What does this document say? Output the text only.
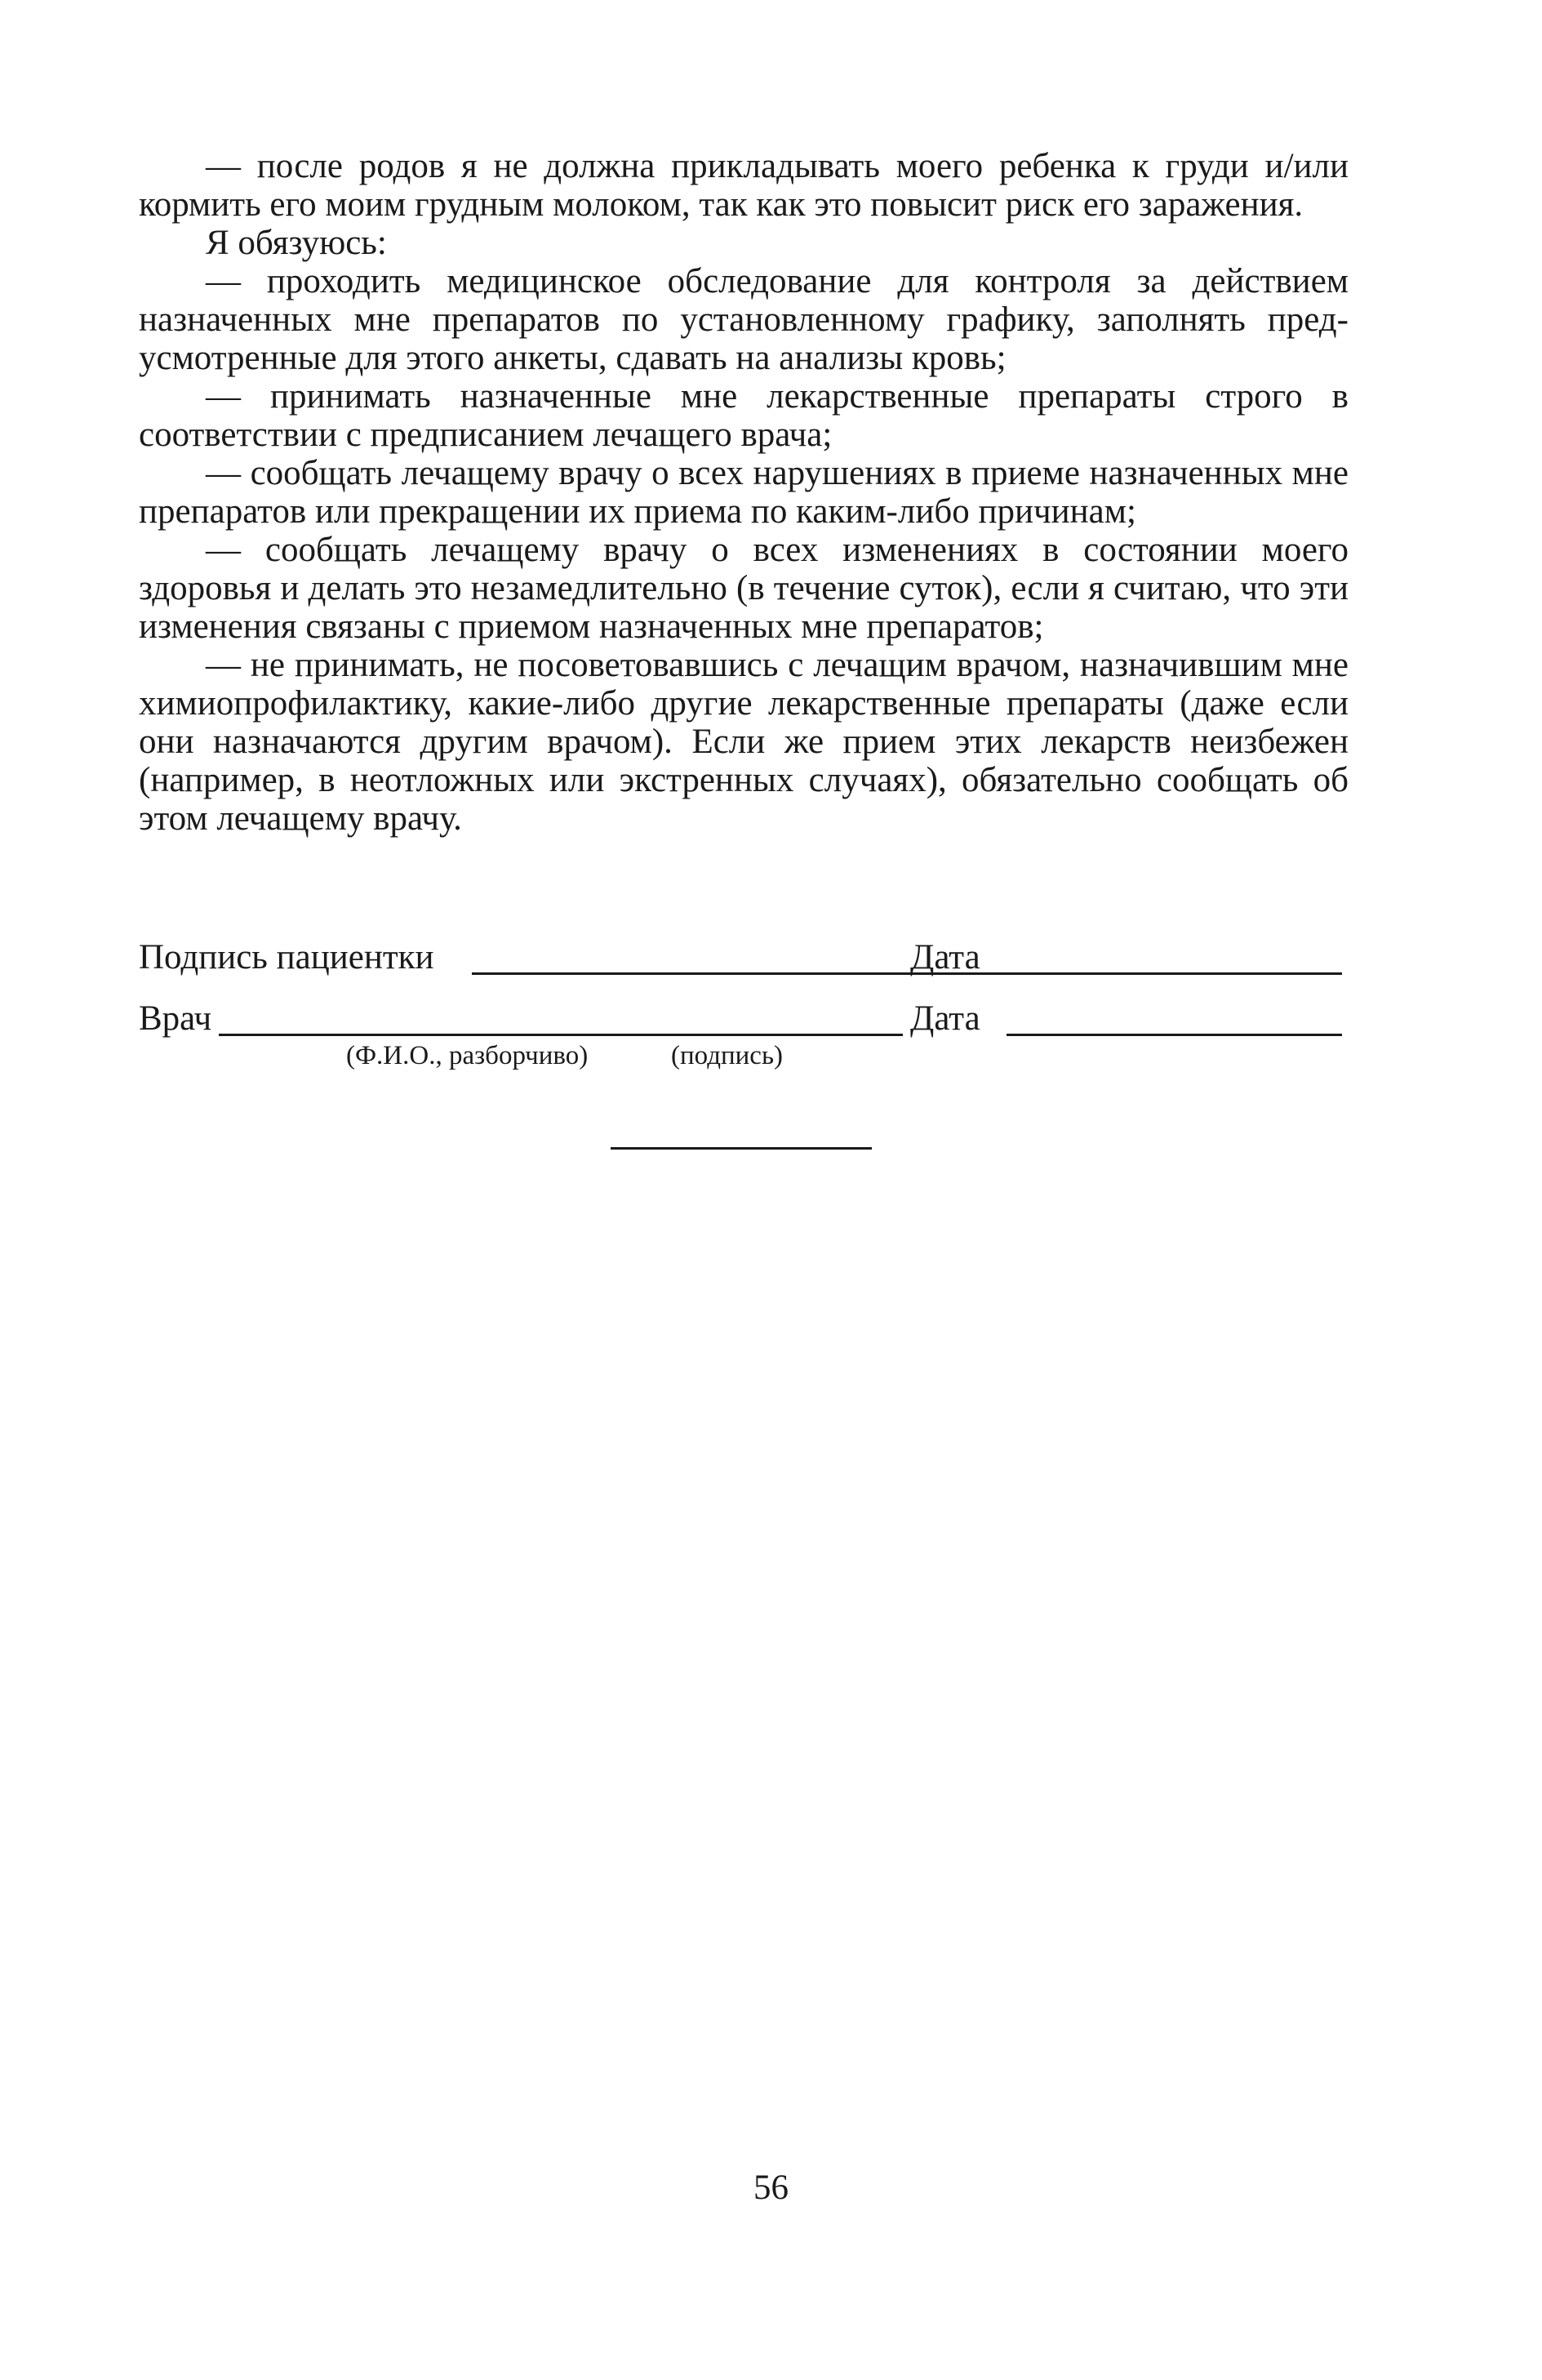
— после родов я не должна прикладывать моего ребенка к груди и/или кормить его моим грудным молоком, так как это повысит риск его заражения.

Я обязуюсь:

— проходить медицинское обследование для контроля за действием назначенных мне препаратов по установленному графику, заполнять предусмотренные для этого анкеты, сдавать на анализы кровь;

— принимать назначенные мне лекарственные препараты строго в соответствии с предписанием лечащего врача;

— сообщать лечащему врачу о всех нарушениях в приеме назначенных мне препаратов или прекращении их приема по каким-либо причинам;

— сообщать лечащему врачу о всех изменениях в состоянии моего здоровья и делать это незамедлительно (в течение суток), если я считаю, что эти изменения связаны с приемом назначенных мне препаратов;

— не принимать, не посоветовавшись с лечащим врачом, назначившим мне химиопрофилактику, какие-либо другие лекарственные препараты (даже если они назначаются другим врачом). Если же прием этих лекарств неизбежен (например, в неотложных или экстренных случаях), обязательно сообщать об этом лечащему врачу.

Подпись пациентки	Дата
Врач	Дата
(Ф.И.О., разборчиво)	(подпись)
56
